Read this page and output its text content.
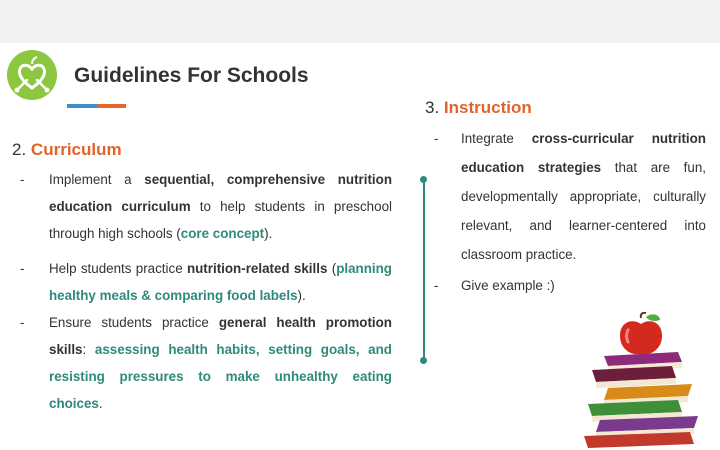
Guidelines For Schools
3. Instruction
2. Curriculum
-	Implement a sequential, comprehensive nutrition education curriculum to help students in preschool through high schools (core concept).
-	Help students practice nutrition-related skills (planning healthy meals & comparing food labels).
-	Ensure students practice general health promotion skills: assessing health habits, setting goals, and resisting pressures to make unhealthy eating choices.
-	Integrate cross-curricular nutrition education strategies that are fun, developmentally appropriate, culturally relevant, and learner-centered into classroom practice.
-	Give example :)
